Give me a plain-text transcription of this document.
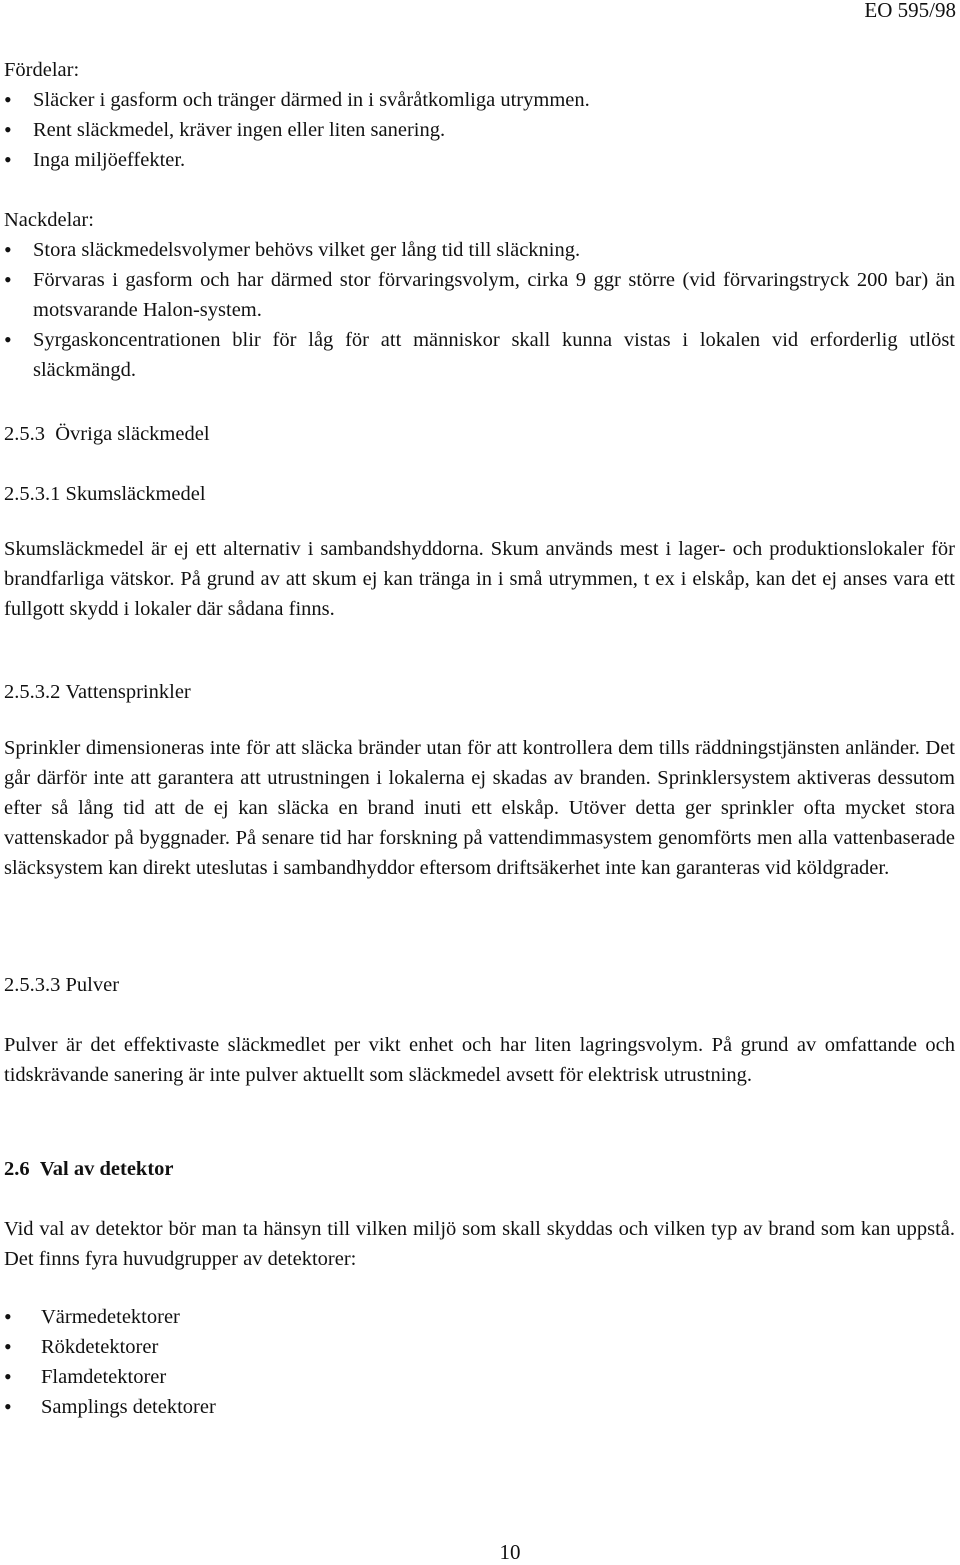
EO 595/98
Fördelar:
• Släcker i gasform och tränger därmed in i svåråtkomliga utrymmen.
• Rent släckmedel, kräver ingen eller liten sanering.
• Inga miljöeffekter.
Nackdelar:
• Stora släckmedelsvolymer behövs vilket ger lång tid till släckning.
• Förvaras i gasform och har därmed stor förvaringsvolym, cirka 9 ggr större (vid förvaringstryck 200 bar) än motsvarande Halon-system.
• Syrgaskoncentrationen blir för låg för att människor skall kunna vistas i lokalen vid erforderlig utlöst släckmängd.
2.5.3 Övriga släckmedel
2.5.3.1 Skumsläckmedel

Skumsläckmedel är ej ett alternativ i sambandshyddorna. Skum används mest i lager- och produktionslokaler för brandfarliga vätskor. På grund av att skum ej kan tränga in i små utrymmen, t ex i elskåp, kan det ej anses vara ett fullgott skydd i lokaler där sådana finns.

2.5.3.2 Vattensprinkler

Sprinkler dimensioneras inte för att släcka bränder utan för att kontrollera dem tills räddningstjänsten anländer. Det går därför inte att garantera att utrustningen i lokalerna ej skadas av branden. Sprinklersystem aktiveras dessutom efter så lång tid att de ej kan släcka en brand inuti ett elskåp. Utöver detta ger sprinkler ofta mycket stora vattenskador på byggnader. På senare tid har forskning på vattendimmasystem genomförts men alla vattenbaserade släcksystem kan direkt uteslutas i sambandhyddor eftersom driftsäkerhet inte kan garanteras vid köldgrader.

2.5.3.3 Pulver

Pulver är det effektivaste släckmedlet per vikt enhet och har liten lagringsvolym. På grund av omfattande och tidskrävande sanering är inte pulver aktuellt som släckmedel avsett för elektrisk utrustning.

2.6 Val av detektor

Vid val av detektor bör man ta hänsyn till vilken miljö som skall skyddas och vilken typ av brand som kan uppstå. Det finns fyra huvudgrupper av detektorer:

• Värmedetektorer
• Rökdetektorer
• Flamdetektorer
• Samplings detektorer
10
